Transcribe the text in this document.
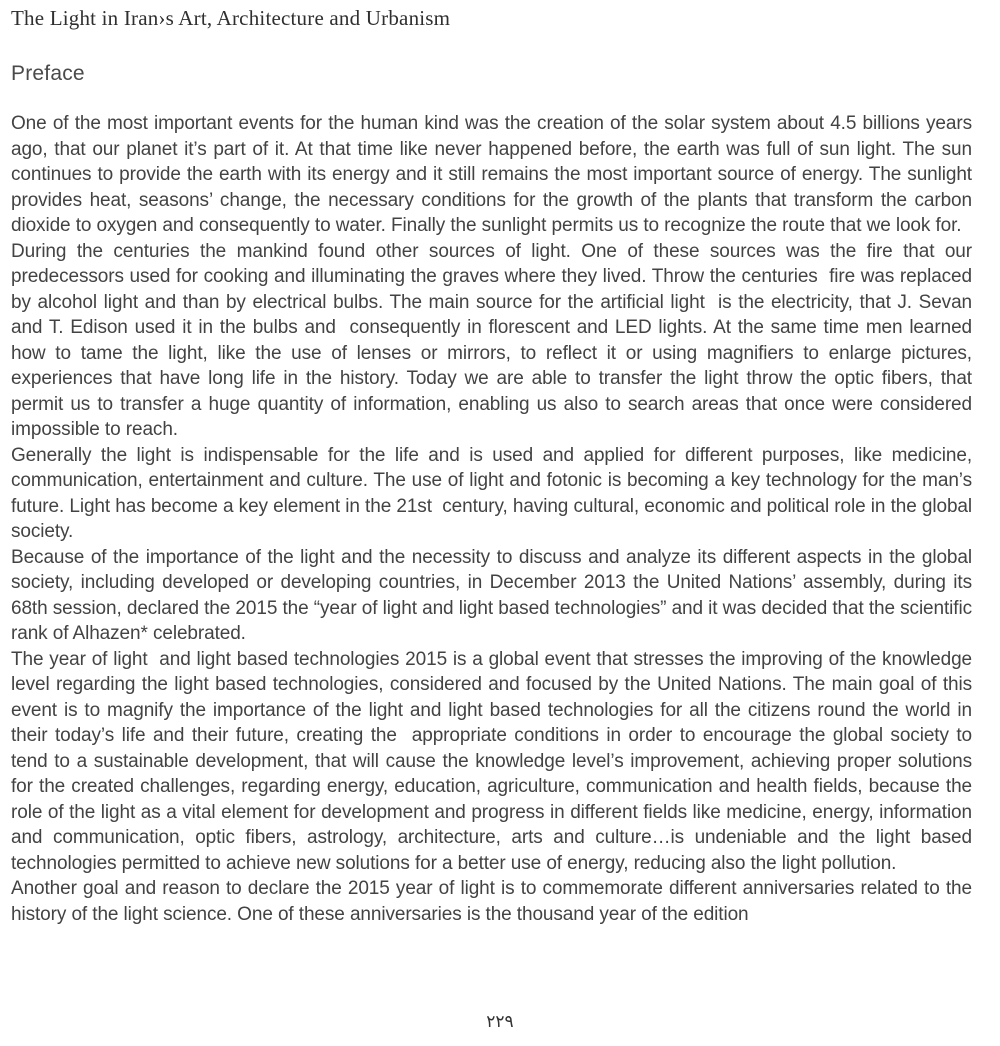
The Light in Iran›s Art, Architecture and Urbanism
Preface

One of the most important events for the human kind was the creation of the solar system about 4.5 billions years ago, that our planet it’s part of it. At that time like never happened before, the earth was full of sun light. The sun continues to provide the earth with its energy and it still remains the most important source of energy. The sunlight provides heat, seasons’ change, the necessary conditions for the growth of the plants that transform the carbon dioxide to oxygen and consequently to water. Finally the sunlight permits us to recognize the route that we look for.

During the centuries the mankind found other sources of light. One of these sources was the fire that our predecessors used for cooking and illuminating the graves where they lived. Throw the centuries  fire was replaced by alcohol light and than by electrical bulbs. The main source for the artificial light  is the electricity, that J. Sevan and T. Edison used it in the bulbs and  consequently in florescent and LED lights. At the same time men learned how to tame the light, like the use of lenses or mirrors, to reflect it or using magnifiers to enlarge pictures, experiences that have long life in the history. Today we are able to transfer the light throw the optic fibers, that permit us to transfer a huge quantity of information, enabling us also to search areas that once were considered impossible to reach.

Generally the light is indispensable for the life and is used and applied for different purposes, like medicine, communication, entertainment and culture. The use of light and fotonic is becoming a key technology for the man’s future. Light has become a key element in the 21st  century, having cultural, economic and political role in the global society.

Because of the importance of the light and the necessity to discuss and analyze its different aspects in the global society, including developed or developing countries, in December 2013 the United Nations’ assembly, during its 68th session, declared the 2015 the “year of light and light based technologies” and it was decided that the scientific rank of Alhazen* celebrated.

The year of light  and light based technologies 2015 is a global event that stresses the improving of the knowledge level regarding the light based technologies, considered and focused by the United Nations. The main goal of this event is to magnify the importance of the light and light based technologies for all the citizens round the world in their today’s life and their future, creating the  appropriate conditions in order to encourage the global society to tend to a sustainable development, that will cause the knowledge level’s improvement, achieving proper solutions for the created challenges, regarding energy, education, agriculture, communication and health fields, because the role of the light as a vital element for development and progress in different fields like medicine, energy, information and communication, optic fibers, astrology, architecture, arts and culture…is undeniable and the light based technologies permitted to achieve new solutions for a better use of energy, reducing also the light pollution.

Another goal and reason to declare the 2015 year of light is to commemorate different anniversaries related to the history of the light science. One of these anniversaries is the thousand year of the edition

٢٢٩
